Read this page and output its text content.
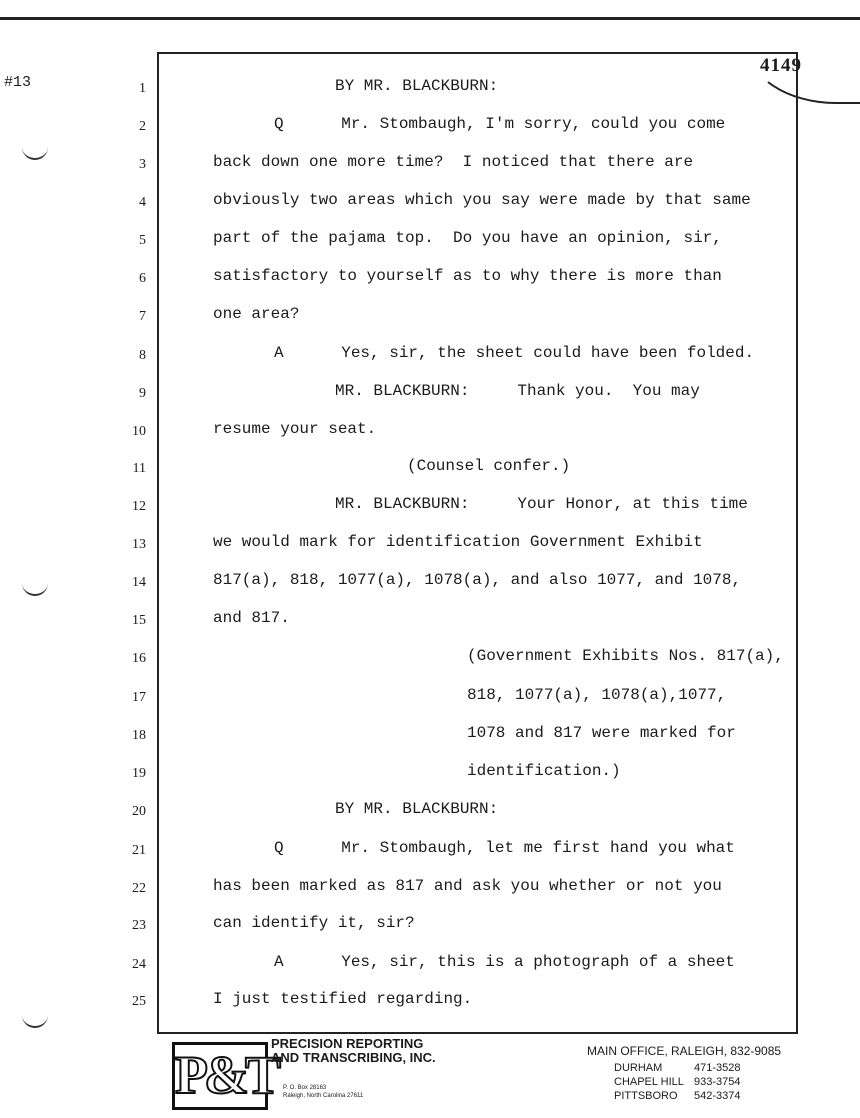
#13
4149
1	BY MR. BLACKBURN:
2	Q      Mr. Stombaugh, I'm sorry, could you come
3	back down one more time?  I noticed that there are
4	obviously two areas which you say were made by that same
5	part of the pajama top.  Do you have an opinion, sir,
6	satisfactory to yourself as to why there is more than
7	one area?
8	A      Yes, sir, the sheet could have been folded.
9	MR. BLACKBURN:     Thank you.  You may
10	resume your seat.
11	(Counsel confer.)
12	MR. BLACKBURN:     Your Honor, at this time
13	we would mark for identification Government Exhibit
14	817(a), 818, 1077(a), 1078(a), and also 1077, and 1078,
15	and 817.
16	(Government Exhibits Nos. 817(a),
17	818, 1077(a), 1078(a),1077,
18	1078 and 817 were marked for
19	identification.)
20	BY MR. BLACKBURN:
21	Q      Mr. Stombaugh, let me first hand you what
22	has been marked as 817 and ask you whether or not you
23	can identify it, sir?
24	A      Yes, sir, this is a photograph of a sheet
25	I just testified regarding.
P&T
PRECISION REPORTING
AND TRANSCRIBING, INC.
P. O. Box 28163
Raleigh, North Carolina 27611
MAIN OFFICE, RALEIGH, 832-9085
DURHAM	471-3528
CHAPEL HILL 933-3754
PITTSBORO	542-3374
